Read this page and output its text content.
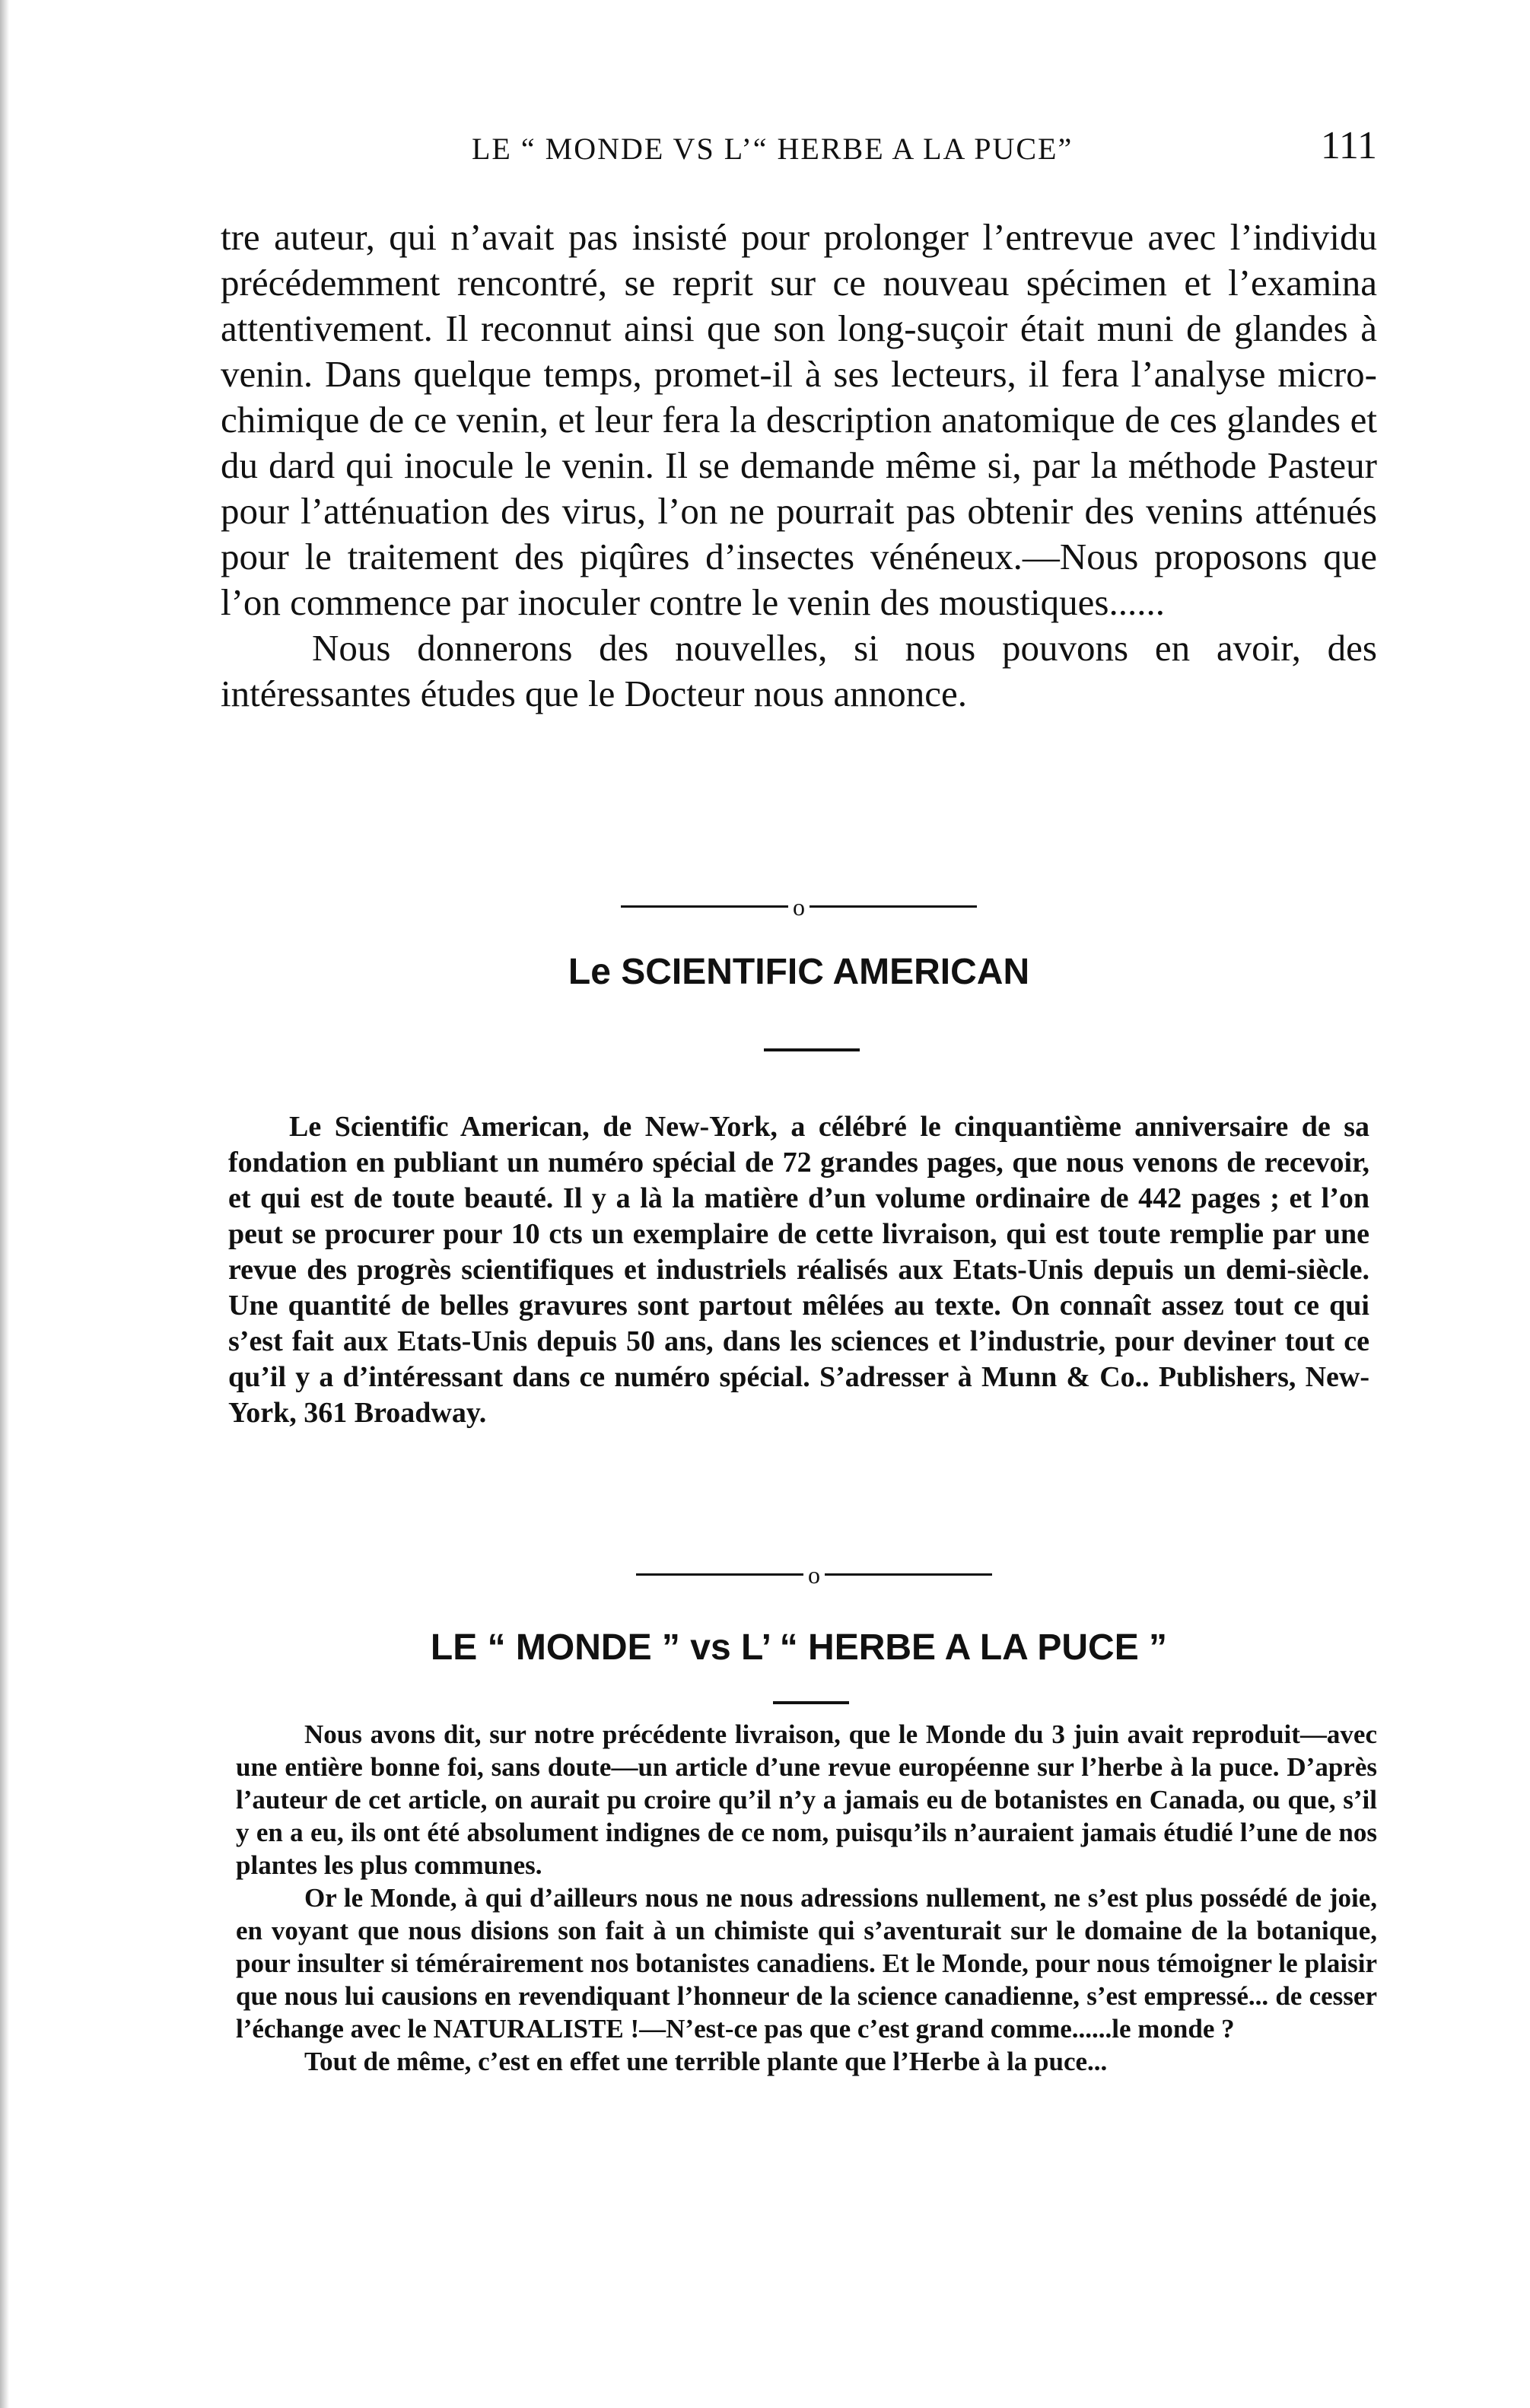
LE “ MONDE VS L’“ HERBE A LA PUCE”	111

tre auteur, qui n’avait pas insisté pour prolonger l’entrevue avec l’individu précédemment rencontré, se reprit sur ce nouveau spécimen et l’examina attentivement. Il reconnut ainsi que son long-suçoir était muni de glandes à venin. Dans quelque temps, promet-il à ses lecteurs, il fera l’analyse micro-chimique de ce venin, et leur fera la description anatomique de ces glandes et du dard qui inocule le venin. Il se demande même si, par la méthode Pasteur pour l’atténuation des virus, l’on ne pourrait pas obtenir des venins atténués pour le traitement des piqûres d’insectes vénéneux.—Nous proposons que l’on commence par inoculer contre le venin des moustiques......

Nous donnerons des nouvelles, si nous pouvons en avoir, des intéressantes études que le Docteur nous annonce.

o
Le SCIENTIFIC AMERICAN

Le Scientific American, de New-York, a célébré le cinquantième anniversaire de sa fondation en publiant un numéro spécial de 72 grandes pages, que nous venons de recevoir, et qui est de toute beauté. Il y a là la matière d’un volume ordinaire de 442 pages ; et l’on peut se procurer pour 10 cts un exemplaire de cette livraison, qui est toute remplie par une revue des progrès scientifiques et industriels réalisés aux Etats-Unis depuis un demi-siècle. Une quantité de belles gravures sont partout mêlées au texte. On connaît assez tout ce qui s’est fait aux Etats-Unis depuis 50 ans, dans les sciences et l’industrie, pour deviner tout ce qu’il y a d’intéressant dans ce numéro spécial. S’adresser à Munn & Co.. Publishers, New-York, 361 Broadway.

o
LE “ MONDE ” vs L’ “ HERBE A LA PUCE ”

Nous avons dit, sur notre précédente livraison, que le Monde du 3 juin avait reproduit—avec une entière bonne foi, sans doute—un article d’une revue européenne sur l’herbe à la puce. D’après l’auteur de cet article, on aurait pu croire qu’il n’y a jamais eu de botanistes en Canada, ou que, s’il y en a eu, ils ont été absolument indignes de ce nom, puisqu’ils n’auraient jamais étudié l’une de nos plantes les plus communes.

Or le Monde, à qui d’ailleurs nous ne nous adressions nullement, ne s’est plus possédé de joie, en voyant que nous disions son fait à un chimiste qui s’aventurait sur le domaine de la botanique, pour insulter si témérairement nos botanistes canadiens. Et le Monde, pour nous témoigner le plaisir que nous lui causions en revendiquant l’honneur de la science canadienne, s’est empressé... de cesser l’échange avec le NATURALISTE !—N’est-ce pas que c’est grand comme......le monde ?

Tout de même, c’est en effet une terrible plante que l’Herbe à la puce...
